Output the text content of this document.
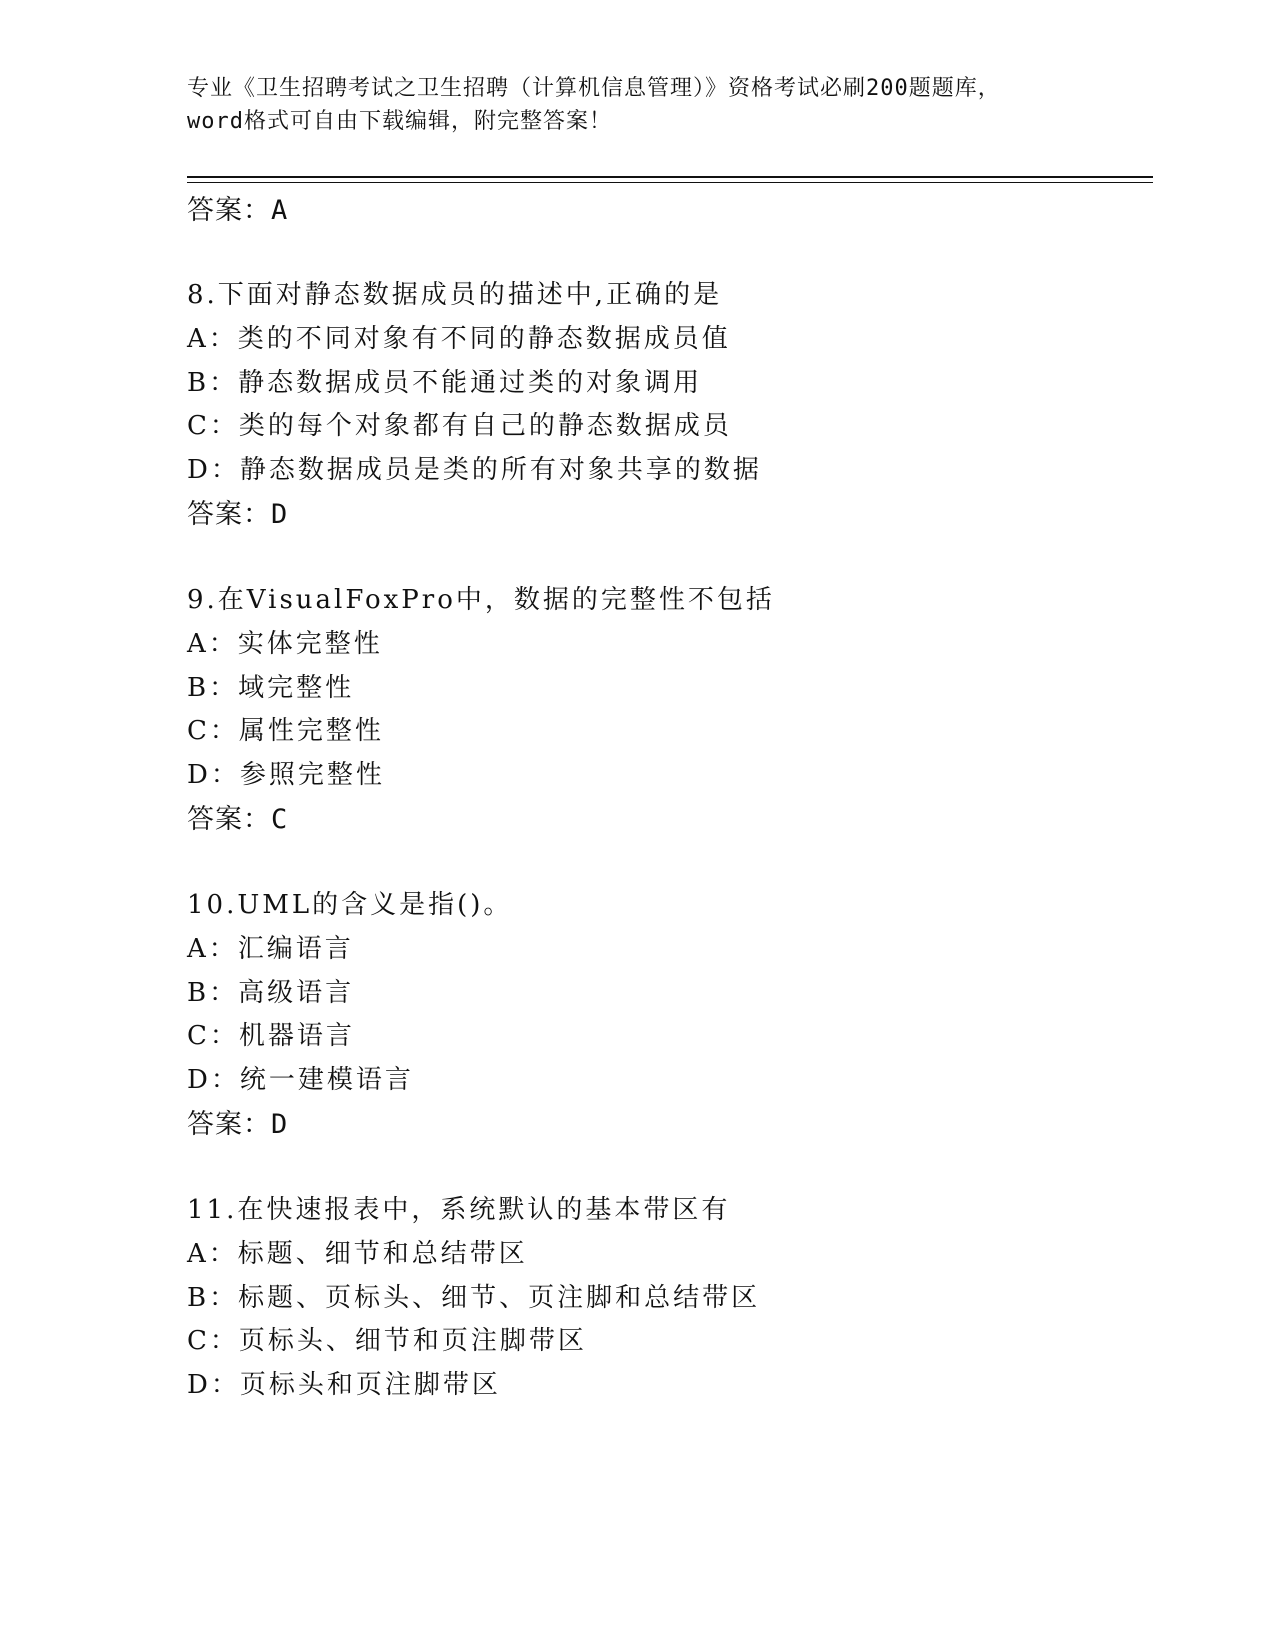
专业《卫生招聘考试之卫生招聘（计算机信息管理）》资格考试必刷200题题库，
word格式可自由下载编辑，附完整答案！
答案：A
8.下面对静态数据成员的描述中,正确的是
A：类的不同对象有不同的静态数据成员值
B：静态数据成员不能通过类的对象调用
C：类的每个对象都有自己的静态数据成员
D：静态数据成员是类的所有对象共享的数据
答案：D
9.在VisualFoxPro中，数据的完整性不包括
A：实体完整性
B：域完整性
C：属性完整性
D：参照完整性
答案：C
10.UML的含义是指()。
A：汇编语言
B：高级语言
C：机器语言
D：统一建模语言
答案：D
11.在快速报表中，系统默认的基本带区有
A：标题、细节和总结带区
B：标题、页标头、细节、页注脚和总结带区
C：页标头、细节和页注脚带区
D：页标头和页注脚带区
